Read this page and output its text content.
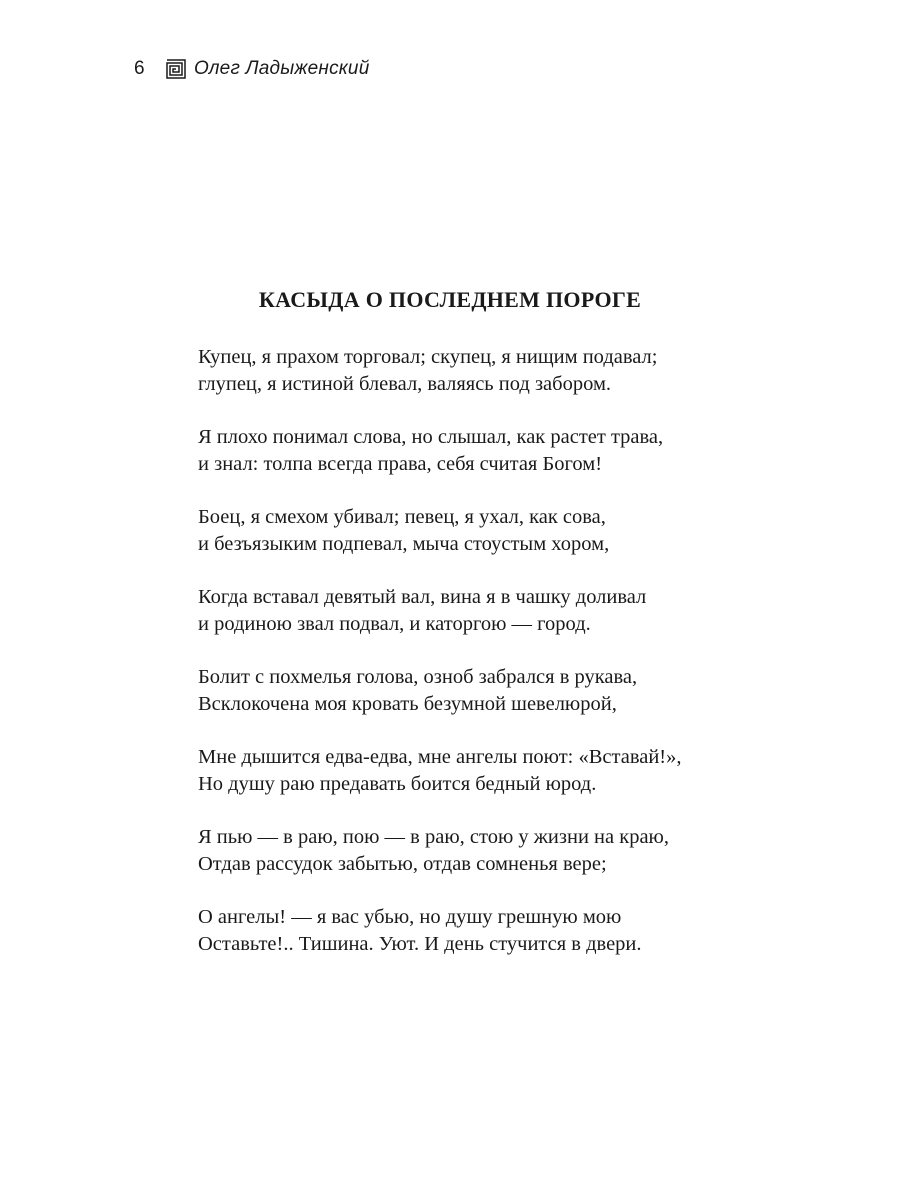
6	Олег Ладыженский
КАСЫДА О ПОСЛЕДНЕМ ПОРОГЕ

Купец, я прахом торговал; скупец, я нищим подавал;
глупец, я истиной блевал, валяясь под забором.

Я плохо понимал слова, но слышал, как растет трава,
и знал: толпа всегда права, себя считая Богом!

Боец, я смехом убивал; певец, я ухал, как сова,
и безъязыким подпевал, мыча стоустым хором,

Когда вставал девятый вал, вина я в чашку доливал
и родиною звал подвал, и каторгою — город.

Болит с похмелья голова, озноб забрался в рукава,
Всклокочена моя кровать безумной шевелюрой,

Мне дышится едва-едва, мне ангелы поют: «Вставай!»,
Но душу раю предавать боится бедный юрод.

Я пью — в раю, пою — в раю, стою у жизни на краю,
Отдав рассудок забытью, отдав сомненья вере;

О ангелы! — я вас убью, но душу грешную мою
Оставьте!.. Тишина. Уют. И день стучится в двери.
